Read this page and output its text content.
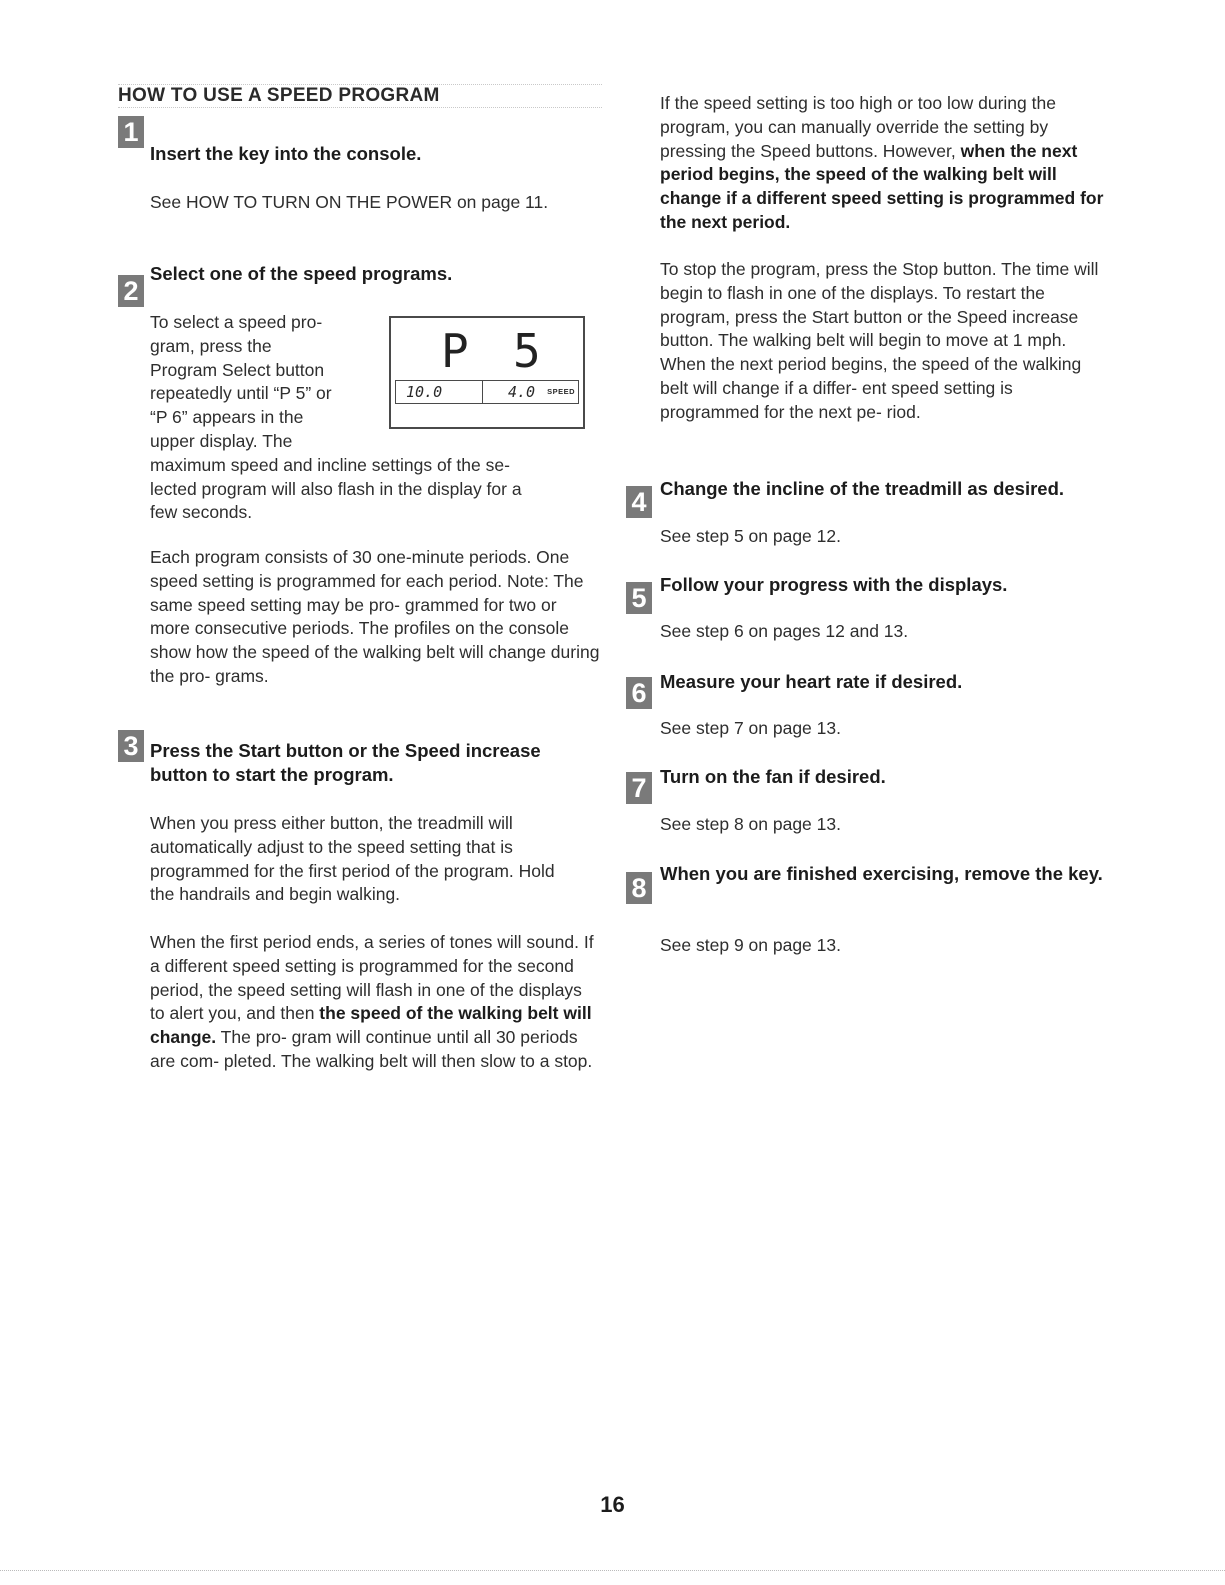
HOW TO USE A SPEED PROGRAM
1
Insert the key into the console.
See HOW TO TURN ON THE POWER on page 11.
2
Select one of the speed programs.
To select a speed pro-
gram, press the
Program Select button
repeatedly until “P 5” or
“P 6” appears in the
upper display. The
maximum speed and incline settings of the se-
lected program will also flash in the display for a
few seconds.
P 5
10.0	4.0 SPEED
Each program consists of 30 one-minute periods. One speed setting is programmed for each period. Note: The same speed setting may be pro- grammed for two or more consecutive periods. The profiles on the console show how the speed of the walking belt will change during the pro- grams.
3 Press the Start button or the Speed increase button to start the program.
When you press either button, the treadmill will automatically adjust to the speed setting that is programmed for the first period of the program. Hold the handrails and begin walking.
When the first period ends, a series of tones will sound. If a different speed setting is programmed for the second period, the speed setting will flash in one of the displays to alert you, and then the speed of the walking belt will change. The pro- gram will continue until all 30 periods are com- pleted. The walking belt will then slow to a stop.
If the speed setting is too high or too low during the program, you can manually override the setting by pressing the Speed buttons. However, when the next period begins, the speed of the walking belt will change if a different speed setting is programmed for the next period.
To stop the program, press the Stop button. The time will begin to flash in one of the displays. To restart the program, press the Start button or the Speed increase button. The walking belt will begin to move at 1 mph. When the next period begins, the speed of the walking belt will change if a differ- ent speed setting is programmed for the next pe- riod.
4 Change the incline of the treadmill as desired.
See step 5 on page 12.
5 Follow your progress with the displays.
See step 6 on pages 12 and 13.
6 Measure your heart rate if desired.
See step 7 on page 13.
7 Turn on the fan if desired.
See step 8 on page 13.
8 When you are finished exercising, remove the key.
See step 9 on page 13.
16
